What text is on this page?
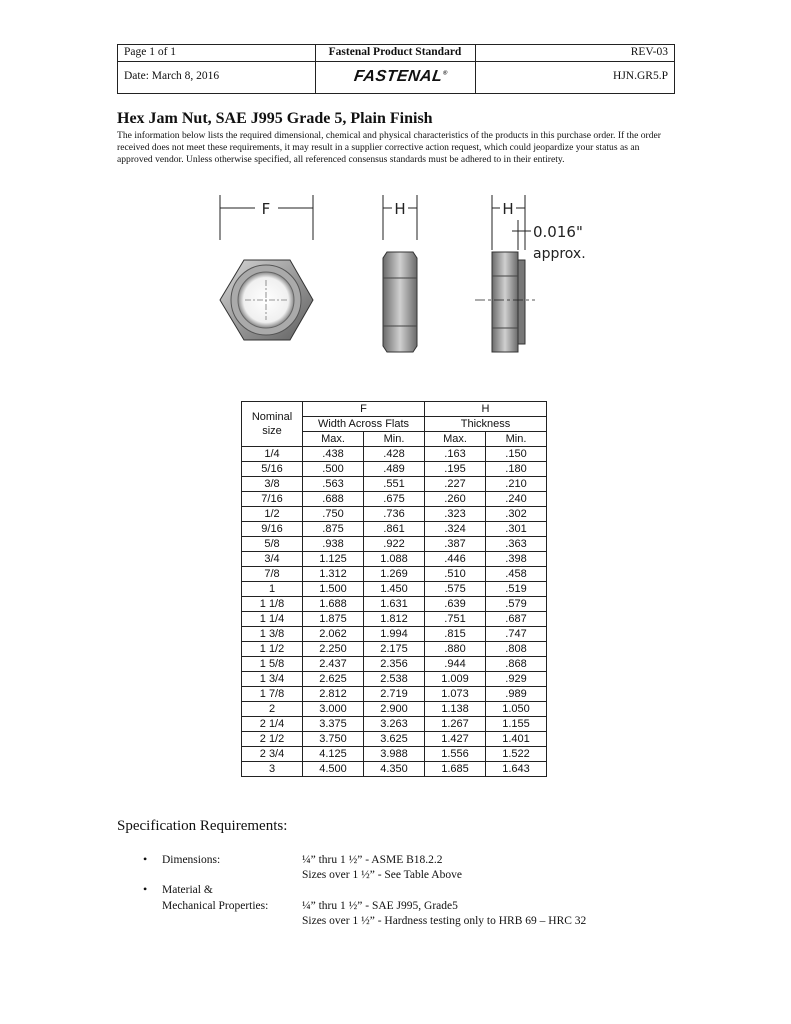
Page 1 of 1	Fastenal Product Standard	REV-03
Date: March 8, 2016	FASTENAL®	HJN.GR5.P
Hex Jam Nut, SAE J995 Grade 5, Plain Finish

The information below lists the required dimensional, chemical and physical characteristics of the products in this purchase order. If the order received does not meet these requirements, it may result in a supplier corrective action request, which could jeopardize your status as an approved vendor. Unless otherwise specified, all referenced consensus standards must be adhered to in their entirety.

F	H	H
0.016"
approx.
Nominal size	F		H	
	Width Across Flats		Thickness	
	Max.	Min.	Max.	Min.
1/4	.438	.428	.163	.150
5/16	.500	.489	.195	.180
3/8	.563	.551	.227	.210
7/16	.688	.675	.260	.240
1/2	.750	.736	.323	.302
9/16	.875	.861	.324	.301
5/8	.938	.922	.387	.363
3/4	1.125	1.088	.446	.398
7/8	1.312	1.269	.510	.458
1	1.500	1.450	.575	.519
1 1/8	1.688	1.631	.639	.579
1 1/4	1.875	1.812	.751	.687
1 3/8	2.062	1.994	.815	.747
1 1/2	2.250	2.175	.880	.808
1 5/8	2.437	2.356	.944	.868
1 3/4	2.625	2.538	1.009	.929
1 7/8	2.812	2.719	1.073	.989
2	3.000	2.900	1.138	1.050
2 1/4	3.375	3.263	1.267	1.155
2 1/2	3.750	3.625	1.427	1.401
2 3/4	4.125	3.988	1.556	1.522
3	4.500	4.350	1.685	1.643
Specification Requirements:
• Dimensions:	¼” thru 1 ½” - ASME B18.2.2
Sizes over 1 ½” - See Table Above
• Material &
Mechanical Properties:	¼” thru 1 ½” - SAE J995, Grade5
Sizes over 1 ½” - Hardness testing only to HRB 69 – HRC 32
